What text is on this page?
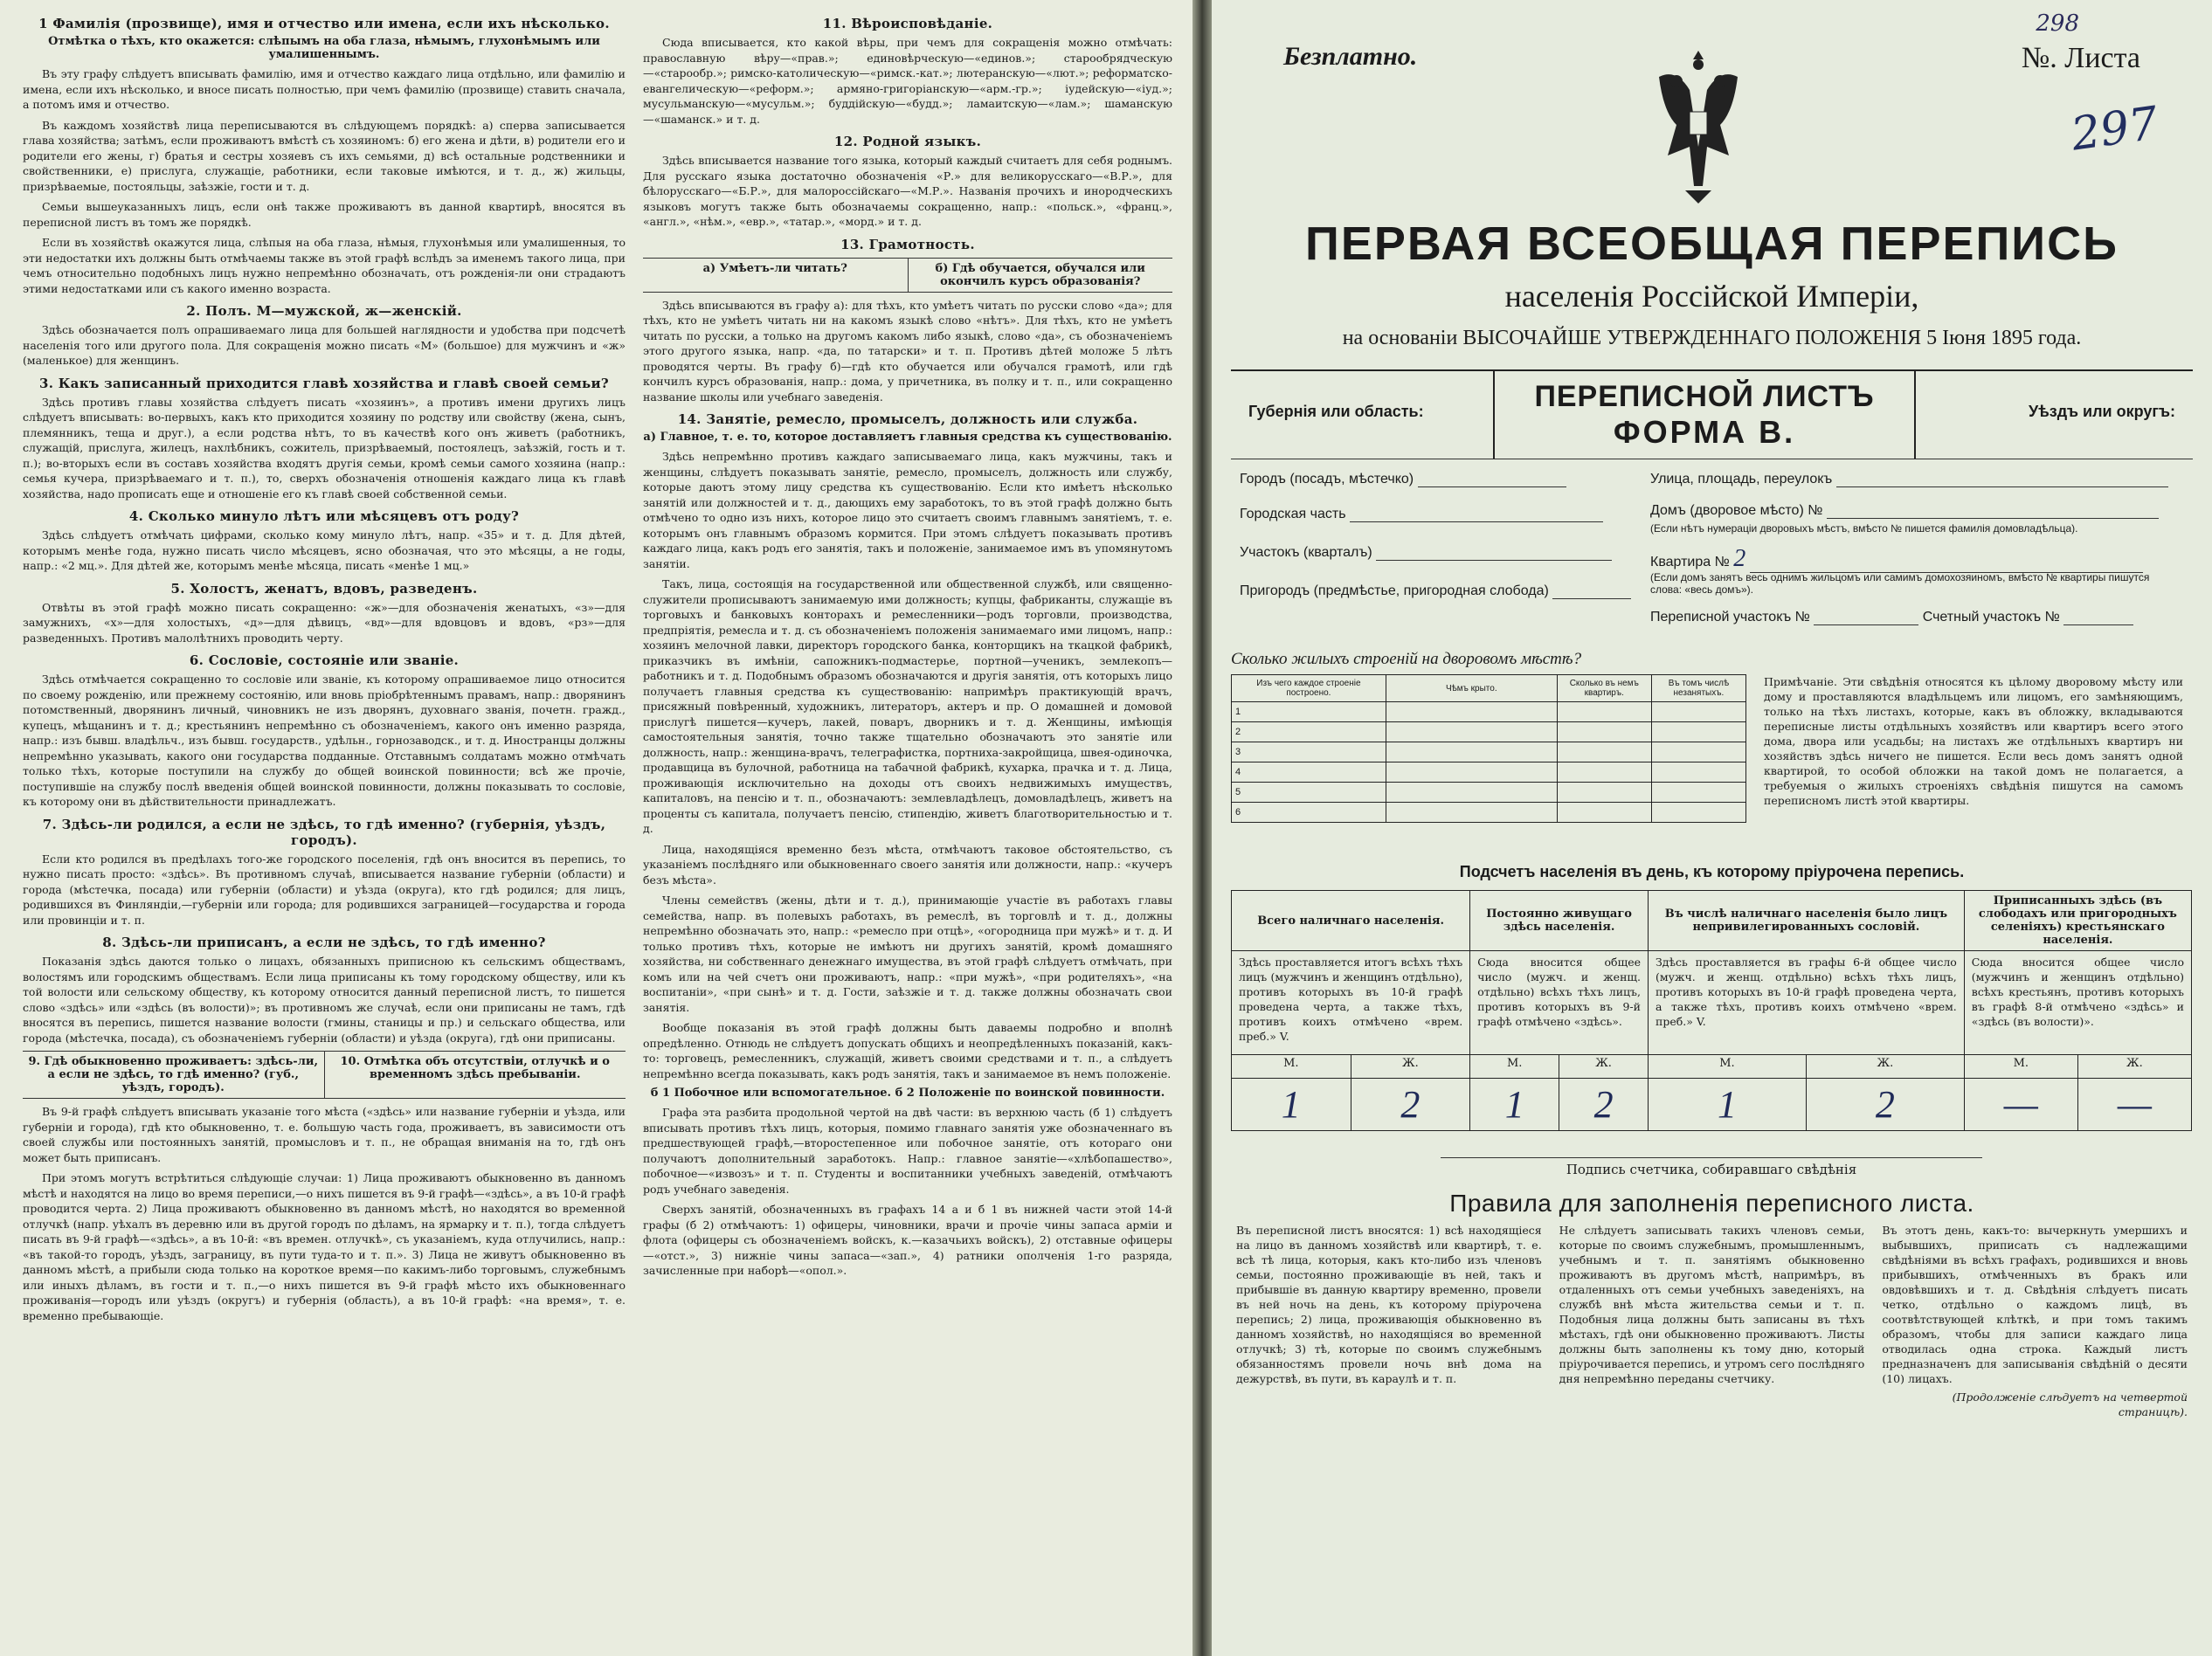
1 Фамилiя (прозвище), имя и отчество или имена, если ихъ нѣсколько.
Отмѣтка о тѣхъ, кто окажется: слѣпымъ на оба глаза, нѣмымъ, глухонѣмымъ или умалишеннымъ.

Въ эту графу слѣдуетъ вписывать фамилiю, имя и отчество каждаго лица отдѣльно, или фамилiю и имена, если ихъ нѣсколько, и вносе писать полностью, при чемъ фамилiю (прозвище) ставить сначала, а потомъ имя и отчество.

Въ каждомъ хозяйствѣ лица переписываются въ слѣдующемъ порядкѣ: а) сперва записывается глава хозяйства; затѣмъ, если проживаютъ вмѣстѣ съ хозяиномъ: б) его жена и дѣти, в) родители его и родители его жены, г) братья и сестры хозяевъ съ ихъ семьями, д) всѣ остальные родственники и свойственники, е) прислуга, служащiе, работники, если таковые имѣются, и т. д., ж) жильцы, призрѣваемые, постояльцы, заѣзжiе, гости и т. д.

Семьи вышеуказанныхъ лицъ, если онѣ также проживаютъ въ данной квартирѣ, вносятся въ переписной листъ въ томъ же порядкѣ.

Если въ хозяйствѣ окажутся лица, слѣпыя на оба глаза, нѣмыя, глухонѣмыя или умалишенныя, то эти недостатки ихъ должны быть отмѣчаемы также въ этой графѣ вслѣдъ за именемъ такого лица, при чемъ относительно подобныхъ лицъ нужно непремѣнно обозначать, отъ рожденiя-ли они страдаютъ этими недостатками или съ какого именно возраста.

2. Полъ. М—мужской, ж—женскiй.

Здѣсь обозначается полъ опрашиваемаго лица для большей наглядности и удобства при подсчетѣ населенiя того или другого пола. Для сокращенiя можно писать «М» (большое) для мужчинъ и «ж» (маленькое) для женщинъ.

3. Какъ записанный приходится главѣ хозяйства и главѣ своей семьи?

Здѣсь противъ главы хозяйства слѣдуетъ писать «хозяинъ», а противъ имени другихъ лицъ слѣдуетъ вписывать: во-первыхъ, какъ кто приходится хозяину по родству или свойству (жена, сынъ, племянникъ, теща и друг.), а если родства нѣтъ, то въ качествѣ кого онъ живетъ (работникъ, служащiй, прислуга, жилецъ, нахлѣбникъ, сожитель, призрѣваемый, постоялецъ, заѣзжiй, гость и т. п.); во-вторыхъ если въ составъ хозяйства входятъ другiя семьи, кромѣ семьи самого хозяина (напр.: семья кучера, призрѣваемаго и т. п.), то, сверхъ обозначенiя отношенiя каждаго лица къ главѣ хозяйства, надо прописать еще и отношенiе его къ главѣ своей собственной семьи.

4. Сколько минуло лѣтъ или мѣсяцевъ отъ роду?

Здѣсь слѣдуетъ отмѣчать цифрами, сколько кому минуло лѣтъ, напр. «35» и т. д. Для дѣтей, которымъ менѣе года, нужно писать число мѣсяцевъ, ясно обозначая, что это мѣсяцы, а не годы, напр.: «2 мц.». Для дѣтей же, которымъ менѣе мѣсяца, писать «менѣе 1 мц.»

5. Холостъ, женатъ, вдовъ, разведенъ.

Отвѣты въ этой графѣ можно писать сокращенно: «ж»—для обозначенiя женатыхъ, «з»—для замужнихъ, «х»—для холостыхъ, «д»—для дѣвицъ, «вд»—для вдовцовъ и вдовъ, «рз»—для разведенныхъ. Противъ малолѣтнихъ проводить черту.

6. Сословiе, состоянiе или званiе.

Здѣсь отмѣчается сокращенно то сословiе или званiе, къ которому опрашиваемое лицо относится по своему рожденiю, или прежнему состоянiю, или вновь прiобрѣтеннымъ правамъ, напр.: дворянинъ потомственный, дворянинъ личный, чиновникъ не изъ дворянъ, духовнаго званiя, почетн. гражд., купецъ, мѣщанинъ и т. д.; крестьянинъ непремѣнно съ обозначенiемъ, какого онъ именно разряда, напр.: изъ бывш. владѣльч., изъ бывш. государств., удѣльн., горнозаводск., и т. д. Иностранцы должны непремѣнно указывать, какого они государства подданные. Отставнымъ солдатамъ можно отмѣчать только тѣхъ, которые поступили на службу до общей воинской повинности; всѣ же прочiе, поступившiе на службу послѣ введенiя общей воинской повинности, должны показывать то сословiе, къ которому они въ дѣйствительности принадлежатъ.

7. Здѣсь-ли родился, а если не здѣсь, то гдѣ именно? (губернiя, уѣздъ, городъ).

Если кто родился въ предѣлахъ того-же городского поселенiя, гдѣ онъ вносится въ перепись, то нужно писать просто: «здѣсь». Въ противномъ случаѣ, вписывается название губернiи (области) и города (мѣстечка, посада) или губернiи (области) и уѣзда (округа), кто гдѣ родился; для лицъ, родившихся въ Финляндiи,—губернiи или города; для родившихся заграницей—государства и города или провинцiи и т. п.

8. Здѣсь-ли приписанъ, а если не здѣсь, то гдѣ именно?

Показанiя здѣсь даются только о лицахъ, обязанныхъ приписною къ сельскимъ обществамъ, волостямъ или городскимъ обществамъ. Если лица приписаны къ тому городскому обществу, или къ той волости или сельскому обществу, къ которому относится данный переписной листъ, то пишется слово «здѣсь» или «здѣсь (въ волости)»; въ противномъ же случаѣ, если они приписаны не тамъ, гдѣ вносятся въ перепись, пишется название волости (гмины, станицы и пр.) и сельскаго общества, или города (мѣстечка, посада), съ обозначенiемъ губернiи (области) и уѣзда (округа), гдѣ они приписаны.

9. Гдѣ обыкновенно проживаетъ: здѣсь-ли, а если не здѣсь, то гдѣ именно? (губ., уѣздъ, городъ).
10. Отмѣтка объ отсутствiи, отлучкѣ и о временномъ здѣсь пребыванiи.

Въ 9-й графѣ слѣдуетъ вписывать указанiе того мѣста («здѣсь» или название губернiи и уѣзда, или губернiи и города), гдѣ кто обыкновенно, т. е. большую часть года, проживаетъ, въ зависимости отъ своей службы или постоянныхъ занятiй, промысловъ и т. п., не обращая вниманiя на то, гдѣ онъ может быть приписанъ.

При этомъ могутъ встрѣтиться слѣдующiе случаи: 1) Лица проживаютъ обыкновенно въ данномъ мѣстѣ и находятся на лицо во время переписи,—о нихъ пишется въ 9-й графѣ—«здѣсь», а въ 10-й графѣ проводится черта. 2) Лица проживаютъ обыкновенно въ данномъ мѣстѣ, но находятся во временной отлучкѣ (напр. уѣхалъ въ деревню или въ другой городъ по дѣламъ, на ярмарку и т. п.), тогда слѣдуетъ писать въ 9-й графѣ—«здѣсь», а въ 10-й: «въ времен. отлучкѣ», съ указанiемъ, куда отлучились, напр.: «въ такой-то городъ, уѣздъ, заграницу, въ пути туда-то и т. п.». 3) Лица не живутъ обыкновенно въ данномъ мѣстѣ, а прибыли сюда только на короткое время—по какимъ-либо торговымъ, служебнымъ или иныхъ дѣламъ, въ гости и т. п.,—о нихъ пишется въ 9-й графѣ мѣсто ихъ обыкновеннаго проживанiя—городъ или уѣздъ (округъ) и губернiя (область), а въ 10-й графѣ: «на время», т. е. временно пребывающiе.

11. Вѣроисповѣданiе.

Сюда вписывается, кто какой вѣры, при чемъ для сокращенiя можно отмѣчать: православную вѣру—«прав.»; единовѣрческую—«единов.»; старообрядческую—«старообр.»; римско-католическую—«римск.-кат.»; лютеранскую—«лют.»; реформатско-евангелическую—«реформ.»; армяно-григорiанскую—«арм.-гр.»; iудейскую—«iуд.»; мусульманскую—«мусульм.»; буддiйскую—«будд.»; ламаитскую—«лам.»; шаманскую—«шаманск.» и т. д.

12. Родной языкъ.

Здѣсь вписывается название того языка, который каждый считаетъ для себя роднымъ. Для русскаго языка достаточно обозначенiя «Р.» для великорусскаго—«В.Р.», для бѣлорусскаго—«Б.Р.», для малороссiйскаго—«М.Р.». Названiя прочихъ и инородческихъ языковъ могутъ также быть обозначаемы сокращенно, напр.: «польск.», «франц.», «англ.», «нѣм.», «евр.», «татар.», «морд.» и т. д.

13. Грамотность.
а) Умѣетъ-ли читать?	б) Гдѣ обучается, обучался или окончилъ курсъ образованiя?

Здѣсь вписываются въ графу а): для тѣхъ, кто умѣетъ читать по русски слово «да»; для тѣхъ, кто не умѣетъ читать ни на какомъ языкѣ слово «нѣтъ». Для тѣхъ, кто не умѣетъ читать по русски, а только на другомъ какомъ либо языкѣ, слово «да», съ обозначенiемъ этого другого языка, напр. «да, по татарски» и т. п. Противъ дѣтей моложе 5 лѣтъ проводятся черты. Въ графу б)—гдѣ кто обучается или обучался грамотѣ, или гдѣ кончилъ курсъ образованiя, напр.: дома, у причетника, въ полку и т. п., или сокращенно название школы или учебнаго заведенiя.

14. Занятiе, ремесло, промыселъ, должность или служба.
а) Главное, т. е. то, которое доставляетъ главныя средства къ существованiю.

Здѣсь непремѣнно противъ каждаго записываемаго лица, какъ мужчины, такъ и женщины, слѣдуетъ показывать занятiе, ремесло, промыселъ, должность или службу, которые даютъ этому лицу средства къ существованiю. Если кто имѣетъ нѣсколько занятiй или должностей и т. д., дающихъ ему заработокъ, то въ этой графѣ должно быть отмѣчено то одно изъ нихъ, которое лицо это считаетъ своимъ главнымъ занятiемъ, т. е. которымъ онъ главнымъ образомъ кормится. При этомъ слѣдуетъ показывать противъ каждаго лица, какъ родъ его занятiя, такъ и положенiе, занимаемое имъ въ упомянутомъ занятiи.

Такъ, лица, состоящiя на государственной или общественной службѣ, или священно-служители прописываютъ занимаемую ими должность; купцы, фабриканты, служащiе въ торговыхъ и банковыхъ конторахъ и ремесленники—родъ торговли, производства, предпрiятiя, ремесла и т. д. съ обозначенiемъ положенiя занимаемаго ими лицомъ, напр.: хозяинъ мелочной лавки, директоръ городского банка, конторщикъ на ткацкой фабрикѣ, приказчикъ въ имѣнiи, сапожникъ-подмастерье, портной—ученикъ, землекопъ—работникъ и т. д. Подобнымъ образомъ обозначаются и другiя занятiя, отъ которыхъ лицо получаетъ главныя средства къ существованiю: напримѣръ практикующiй врачъ, присяжный повѣренный, художникъ, литераторъ, актеръ и пр. О домашней и домовой прислугѣ пишется—кучеръ, лакей, поваръ, дворникъ и т. д. Женщины, имѣющiя самостоятельныя занятiя, точно также тщательно обозначаютъ это занятiе или должность, напр.: женщина-врачъ, телеграфистка, портниха-закройщица, швея-одиночка, продавщица въ булочной, работница на табачной фабрикѣ, кухарка, прачка и т. д. Лица, проживающiя исключительно на доходы отъ своихъ недвижимыхъ имуществъ, капиталовъ, на пенсiю и т. п., обозначаютъ: землевладѣлецъ, домовладѣлецъ, живетъ на проценты съ капитала, получаетъ пенсiю, стипендiю, живетъ благотворительностью и т. д.

Лица, находящiяся временно безъ мѣста, отмѣчаютъ таковое обстоятельство, съ указанiемъ послѣдняго или обыкновеннаго своего занятiя или должности, напр.: «кучеръ безъ мѣста».

Члены семействъ (жены, дѣти и т. д.), принимающiе участiе въ работахъ главы семейства, напр. въ полевыхъ работахъ, въ ремеслѣ, въ торговлѣ и т. д., должны непремѣнно обозначать это, напр.: «ремесло при отцѣ», «огородница при мужѣ» и т. д. И только противъ тѣхъ, которые не имѣютъ ни другихъ занятiй, кромѣ домашняго хозяйства, ни собственнаго денежнаго имущества, въ этой графѣ слѣдуетъ отмѣчать, при комъ или на чей счетъ они проживаютъ, напр.: «при мужѣ», «при родителяхъ», «на воспитанiи», «при сынѣ» и т. д. Гости, заѣзжiе и т. д. также должны обозначать свои занятiя.

Вообще показанiя въ этой графѣ должны быть даваемы подробно и вполнѣ опредѣленно. Отнюдь не слѣдуетъ допускать общихъ и неопредѣленныхъ показанiй, какъ-то: торговецъ, ремесленникъ, служащiй, живетъ своими средствами и т. п., а слѣдуетъ непремѣнно всегда показывать, какъ родъ занятiя, такъ и занимаемое въ немъ положенiе.

б 1 Побочное или вспомогательное. б 2 Положенiе по воинской повинности.

Графа эта разбита продольной чертой на двѣ части: въ верхнюю часть (б 1) слѣдуетъ вписывать противъ тѣхъ лицъ, которыя, помимо главнаго занятiя уже обозначеннаго въ предшествующей графѣ,—второстепенное или побочное занятiе, отъ котораго они получаютъ дополнительный заработокъ. Напр.: главное занятiе—«хлѣбопашество», побочное—«извозъ» и т. п. Студенты и воспитанники учебныхъ заведенiй, отмѣчаютъ родъ учебнаго заведенiя.

Сверхъ занятiй, обозначенныхъ въ графахъ 14 а и б 1 въ нижней части этой 14-й графы (б 2) отмѣчаютъ: 1) офицеры, чиновники, врачи и прочiе чины запаса армiи и флота (офицеры съ обозначенiемъ войскъ, к.—казачьихъ войскъ), 2) отставные офицеры—«отст.», 3) нижніе чины запаса—«зап.», 4) ратники ополченiя 1-го разряда, зачисленные при наборѣ—«опол.».

Безплатно.
298
№. Листа
297
ПЕРВАЯ ВСЕОБЩАЯ ПЕРЕПИСЬ
населенiя Россiйской Имперiи,
на основанiи ВЫСОЧАЙШЕ УТВЕРЖДЕННАГО ПОЛОЖЕНIЯ 5 Iюня 1895 года.
Губернiя или область:	ПЕРЕПИСНОЙ ЛИСТЪ
ФОРМА В.
Уѣздъ или округъ:
Городъ (посадъ, мѣстечко)
Городская часть
Участокъ (кварталъ)
Пригородъ (предмѣстье, пригородная слобода)
Улица, площадь, переулокъ
Домъ (дворовое мѣсто) №
(Если нѣтъ нумерацiи дворовыхъ мѣстъ, вмѣсто № пишется фамилiя домовладѣльца).
Квартира № 2
(Если домъ занятъ весь однимъ жильцомъ или самимъ домохозяиномъ, вмѣсто № квартиры пишутся слова: «весь домъ»).
Переписной участокъ №	Счетный участокъ №
Сколько жилыхъ строенiй на дворовомъ мѣстѣ?
Изъ чего каждое строенiе построено.	Чѣмъ крыто.	Сколько въ немъ квартиръ.	Въ томъ числѣ незанятыхъ.
1			
2			
3			
4			
5			
6			
Примѣчанiе. Эти свѣдѣнiя относятся къ цѣлому дворовому мѣсту или дому и проставляются владѣльцемъ или лицомъ, его замѣняющимъ, только на тѣхъ листахъ, которые, какъ въ обложку, вкладываются переписные листы отдѣльныхъ хозяйствъ или квартиръ всего этого дома, двора или усадьбы; на листахъ же отдѣльныхъ квартиръ ни хозяйствъ здѣсь ничего не пишется. Если весь домъ занятъ одной квартирой, то особой обложки на такой домъ не полагается, а требуемыя о жилыхъ строенiяхъ свѣдѣнiя пишутся на самомъ переписномъ листѣ этой квартиры.
Подсчетъ населенiя въ день, къ которому прiурочена перепись.
Всего наличнаго населенiя.		Постоянно живущаго здѣсь населенiя.		Въ числѣ наличнаго населенiя было лицъ непривилегированныхъ сословiй.		Приписанныхъ здѣсь (въ слободахъ или пригородныхъ селенiяхъ) крестьянскаго населенiя.	
Здѣсь проставляется итогъ всѣхъ тѣхъ лицъ (мужчинъ и женщинъ отдѣльно), противъ которыхъ въ 10-й графѣ проведена черта, а также тѣхъ, противъ коихъ отмѣчено «врем. преб.» V.		Сюда вносится общее число (мужч. и женщ. отдѣльно) всѣхъ тѣхъ лицъ, противъ которыхъ въ 9-й графѣ отмѣчено «здѣсь».		Здѣсь проставляется въ графы 6-й общее число (мужч. и женщ. отдѣльно) всѣхъ тѣхъ лицъ, противъ которыхъ въ 10-й графѣ проведена черта, а также тѣхъ, противъ коихъ отмѣчено «врем. преб.» V.		Сюда вносится общее число (мужчинъ и женщинъ отдѣльно) всѣхъ крестьянъ, противъ которыхъ въ графѣ 8-й отмѣчено «здѣсь» и «здѣсь (въ волости)».	
М.	Ж.	М.	Ж.	М.	Ж.	М.	Ж.
1	2	1	2	1	2	—	—
Подпись счетчика, собиравшаго свѣдѣнiя
Правила для заполненiя переписного листа.
Въ переписной листъ вносятся: 1) всѣ находящiеся на лицо въ данномъ хозяйствѣ или квартирѣ, т. е. всѣ тѣ лица, которыя, какъ кто-либо изъ членовъ семьи, постоянно проживающiе въ ней, такъ и прибывшiе въ данную квартиру временно, провели въ ней ночь на день, къ которому прiурочена перепись; 2) лица, проживающiя обыкновенно въ данномъ хозяйствѣ, но находящiяся во временной отлучкѣ; 3) тѣ, которые по своимъ служебнымъ обязанностямъ провели ночь внѣ дома на дежурствѣ, въ пути, въ караулѣ и т. п.
Не слѣдуетъ записывать такихъ членовъ семьи, которые по своимъ служебнымъ, промышленнымъ, учебнымъ и т. п. занятiямъ обыкновенно проживаютъ въ другомъ мѣстѣ, напримѣръ, въ отдаленныхъ отъ семьи учебныхъ заведенiяхъ, на службѣ внѣ мѣста жительства семьи и т. п. Подобныя лица должны быть записаны въ тѣхъ мѣстахъ, гдѣ они обыкновенно проживаютъ. Листы должны быть заполнены къ тому дню, который прiурочивается перепись, и утромъ сего послѣдняго дня непремѣнно переданы счетчику.
Въ этотъ день, какъ-то: вычеркнуть умершихъ и выбывшихъ, приписать съ надлежащими свѣдѣнiями въ всѣхъ графахъ, родившихся и вновь прибывшихъ, отмѣченныхъ въ бракъ или овдовѣвшихъ и т. д. Свѣдѣнiя слѣдуетъ писать четко, отдѣльно о каждомъ лицѣ, въ соотвѣтствующей клѣткѣ, и при томъ такимъ образомъ, чтобы для записи каждаго лица отводилась одна строка. Каждый листъ предназначенъ для записыванiя свѣдѣнiй о десяти (10) лицахъ.
(Продолженiе слѣдуетъ на четвертой страницѣ).
